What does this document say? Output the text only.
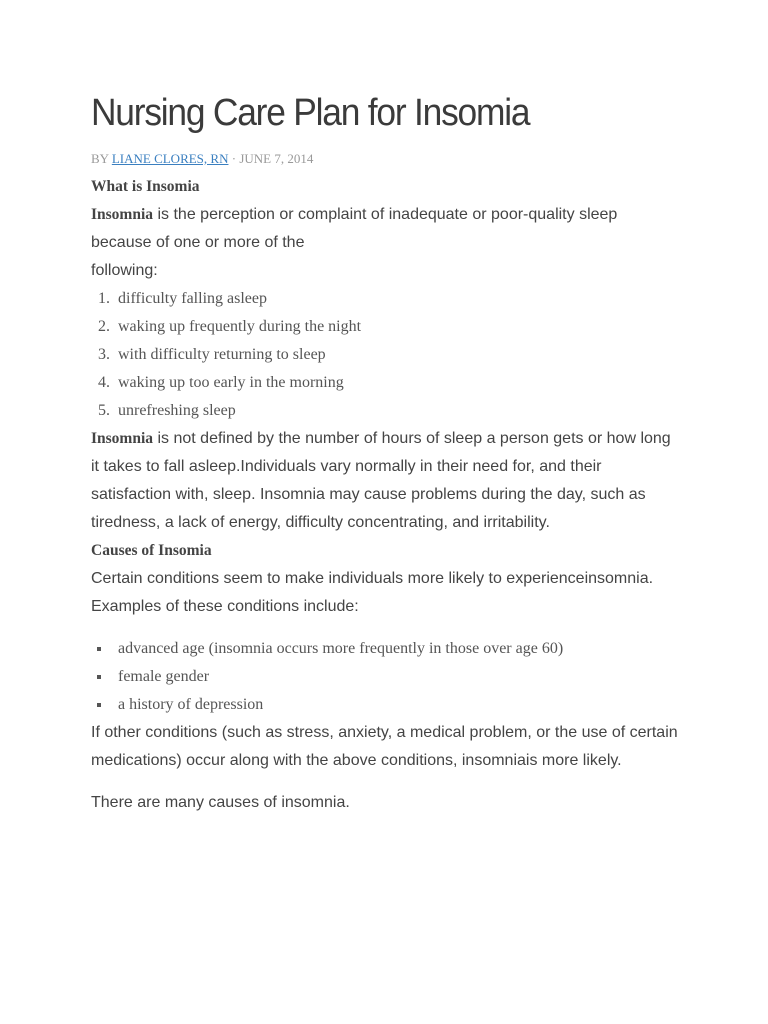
Nursing Care Plan for Insomia
BY LIANE CLORES, RN · JUNE 7, 2014

What is Insomia

Insomnia is the perception or complaint of inadequate or poor-quality sleep because of one or more of the
following:

1. difficulty falling asleep
2. waking up frequently during the night
3. with difficulty returning to sleep
4. waking up too early in the morning
5. unrefreshing sleep

Insomnia is not defined by the number of hours of sleep a person gets or how long it takes to fall asleep.Individuals vary normally in their need for, and their satisfaction with, sleep. Insomnia may cause problems during the day, such as tiredness, a lack of energy, difficulty concentrating, and irritability.

Causes of Insomia

Certain conditions seem to make individuals more likely to experienceinsomnia.

Examples of these conditions include:

advanced age (insomnia occurs more frequently in those over age 60)
female gender
a history of depression

If other conditions (such as stress, anxiety, a medical problem, or the use of certain medications) occur along with the above conditions, insomniais more likely.

There are many causes of insomnia.
